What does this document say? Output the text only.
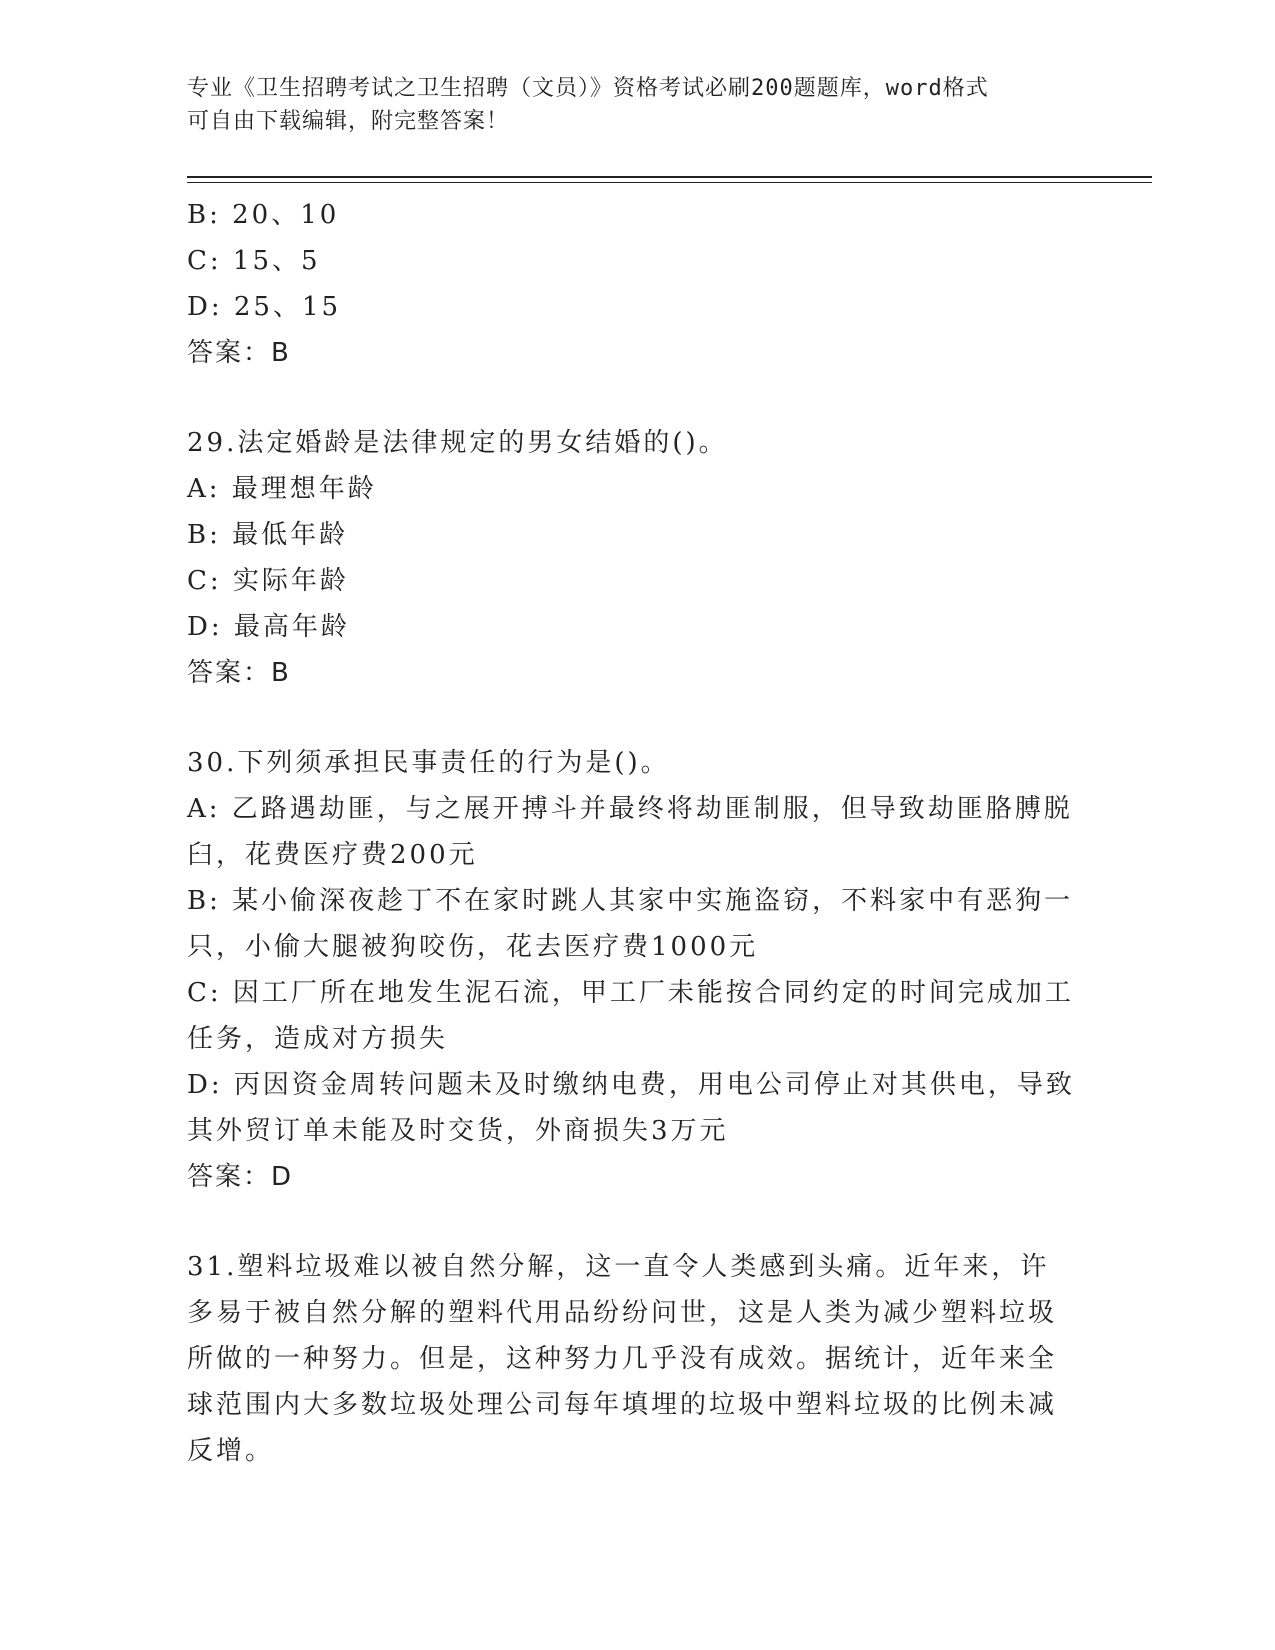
专业《卫生招聘考试之卫生招聘（文员）》资格考试必刷200题题库，word格式
可自由下载编辑，附完整答案！
B: 20、10
C: 15、5
D: 25、15
答案：B
29.法定婚龄是法律规定的男女结婚的()。
A: 最理想年龄
B: 最低年龄
C: 实际年龄
D: 最高年龄
答案：B
30.下列须承担民事责任的行为是()。
A: 乙路遇劫匪，与之展开搏斗并最终将劫匪制服，但导致劫匪胳膊脱臼，花费医疗费200元
B: 某小偷深夜趁丁不在家时跳人其家中实施盗窃，不料家中有恶狗一只，小偷大腿被狗咬伤，花去医疗费1000元
C: 因工厂所在地发生泥石流，甲工厂未能按合同约定的时间完成加工任务，造成对方损失
D: 丙因资金周转问题未及时缴纳电费，用电公司停止对其供电，导致其外贸订单未能及时交货，外商损失3万元
答案：D
31.塑料垃圾难以被自然分解，这一直令人类感到头痛。近年来，许多易于被自然分解的塑料代用品纷纷问世，这是人类为减少塑料垃圾所做的一种努力。但是，这种努力几乎没有成效。据统计，近年来全球范围内大多数垃圾处理公司每年填埋的垃圾中塑料垃圾的比例未减反增。
